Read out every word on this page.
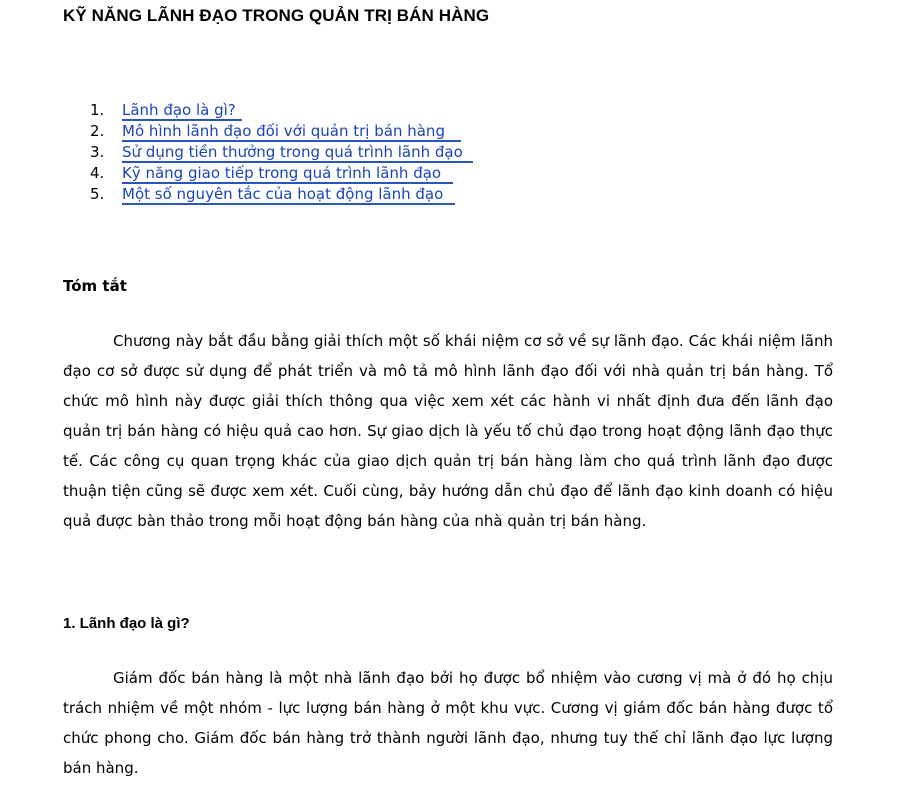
KỸ NĂNG LÃNH ĐẠO TRONG QUẢN TRỊ BÁN HÀNG
1. Lãnh đạo là gì?
2. Mô hình lãnh đạo đối với quản trị bán hàng
3. Sử dụng tiền thưởng trong quá trình lãnh đạo
4. Kỹ năng giao tiếp trong quá trình lãnh đạo
5. Một số nguyên tắc của hoạt động lãnh đạo
Tóm tắt

Chương này bắt đầu bằng giải thích một số khái niệm cơ sở về sự lãnh đạo. Các khái niệm lãnh đạo cơ sở được sử dụng để phát triển và mô tả mô hình lãnh đạo đối với nhà quản trị bán hàng. Tổ chức mô hình này được giải thích thông qua việc xem xét các hành vi nhất định đưa đến lãnh đạo quản trị bán hàng có hiệu quả cao hơn. Sự giao dịch là yếu tố chủ đạo trong hoạt động lãnh đạo thực tế. Các công cụ quan trọng khác của giao dịch quản trị bán hàng làm cho quá trình lãnh đạo được thuận tiện cũng sẽ được xem xét. Cuối cùng, bảy hướng dẫn chủ đạo để lãnh đạo kinh doanh có hiệu quả được bàn thảo trong mỗi hoạt động bán hàng của nhà quản trị bán hàng.

1. Lãnh đạo là gì?

Giám đốc bán hàng là một nhà lãnh đạo bởi họ được bổ nhiệm vào cương vị mà ở đó họ chịu trách nhiệm về một nhóm - lực lượng bán hàng ở một khu vực. Cương vị giám đốc bán hàng được tổ chức phong cho. Giám đốc bán hàng trở thành người lãnh đạo, nhưng tuy thế chỉ lãnh đạo lực lượng bán hàng.
